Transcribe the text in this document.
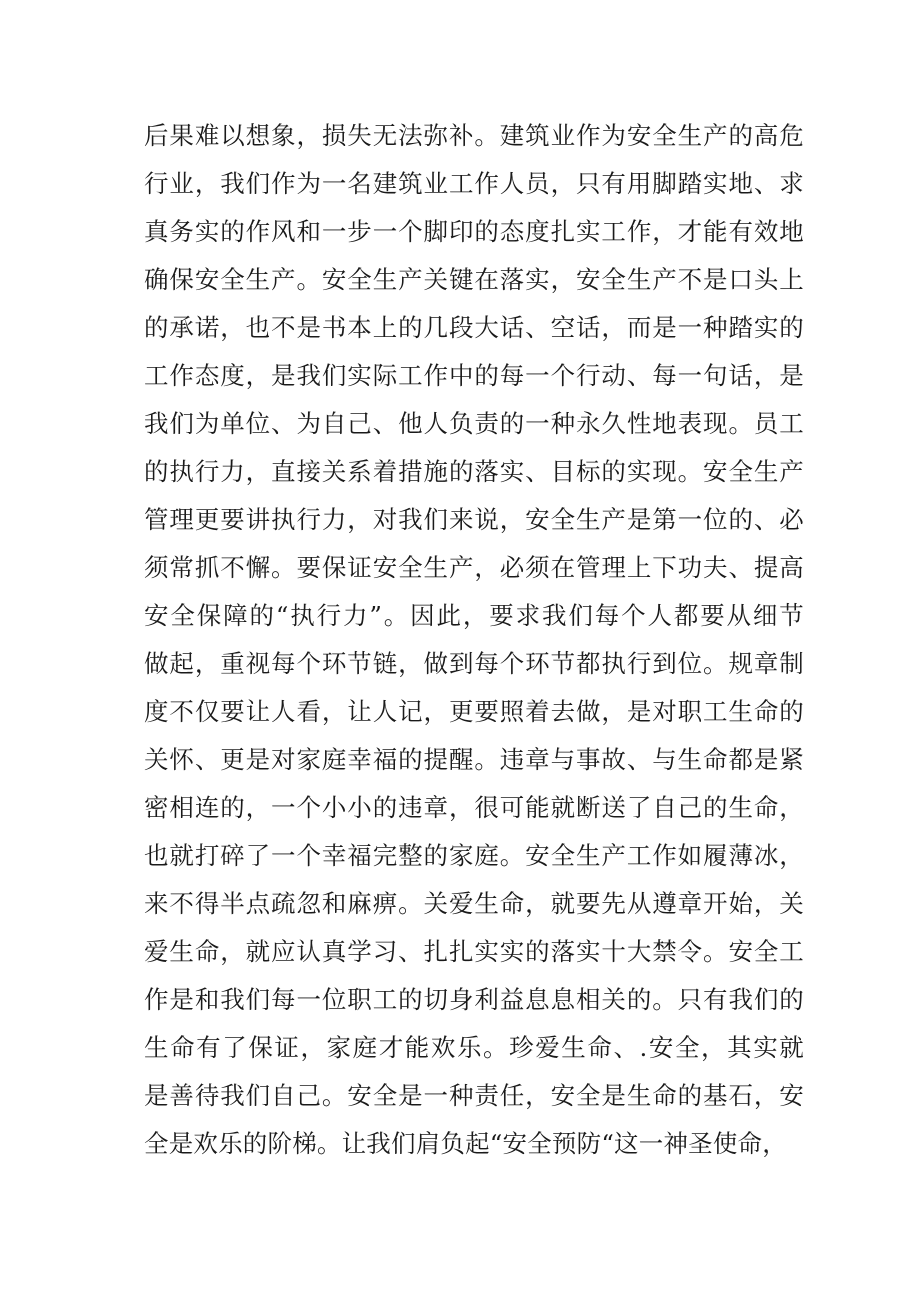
后果难以想象，损失无法弥补。建筑业作为安全生产的高危
行业，我们作为一名建筑业工作人员，只有用脚踏实地、求
真务实的作风和一步一个脚印的态度扎实工作，才能有效地
确保安全生产。安全生产关键在落实，安全生产不是口头上
的承诺，也不是书本上的几段大话、空话，而是一种踏实的
工作态度，是我们实际工作中的每一个行动、每一句话，是
我们为单位、为自己、他人负责的一种永久性地表现。员工
的执行力，直接关系着措施的落实、目标的实现。安全生产
管理更要讲执行力，对我们来说，安全生产是第一位的、必
须常抓不懈。要保证安全生产，必须在管理上下功夫、提高
安全保障的“执行力”。因此，要求我们每个人都要从细节
做起，重视每个环节链，做到每个环节都执行到位。规章制
度不仅要让人看，让人记，更要照着去做，是对职工生命的
关怀、更是对家庭幸福的提醒。违章与事故、与生命都是紧
密相连的，一个小小的违章，很可能就断送了自己的生命，
也就打碎了一个幸福完整的家庭。安全生产工作如履薄冰，
来不得半点疏忽和麻痹。关爱生命，就要先从遵章开始，关
爱生命，就应认真学习、扎扎实实的落实十大禁令。安全工
作是和我们每一位职工的切身利益息息相关的。只有我们的
生命有了保证，家庭才能欢乐。珍爱生命、.安全，其实就
是善待我们自己。安全是一种责任，安全是生命的基石，安
全是欢乐的阶梯。让我们肩负起“安全预防“这一神圣使命，
